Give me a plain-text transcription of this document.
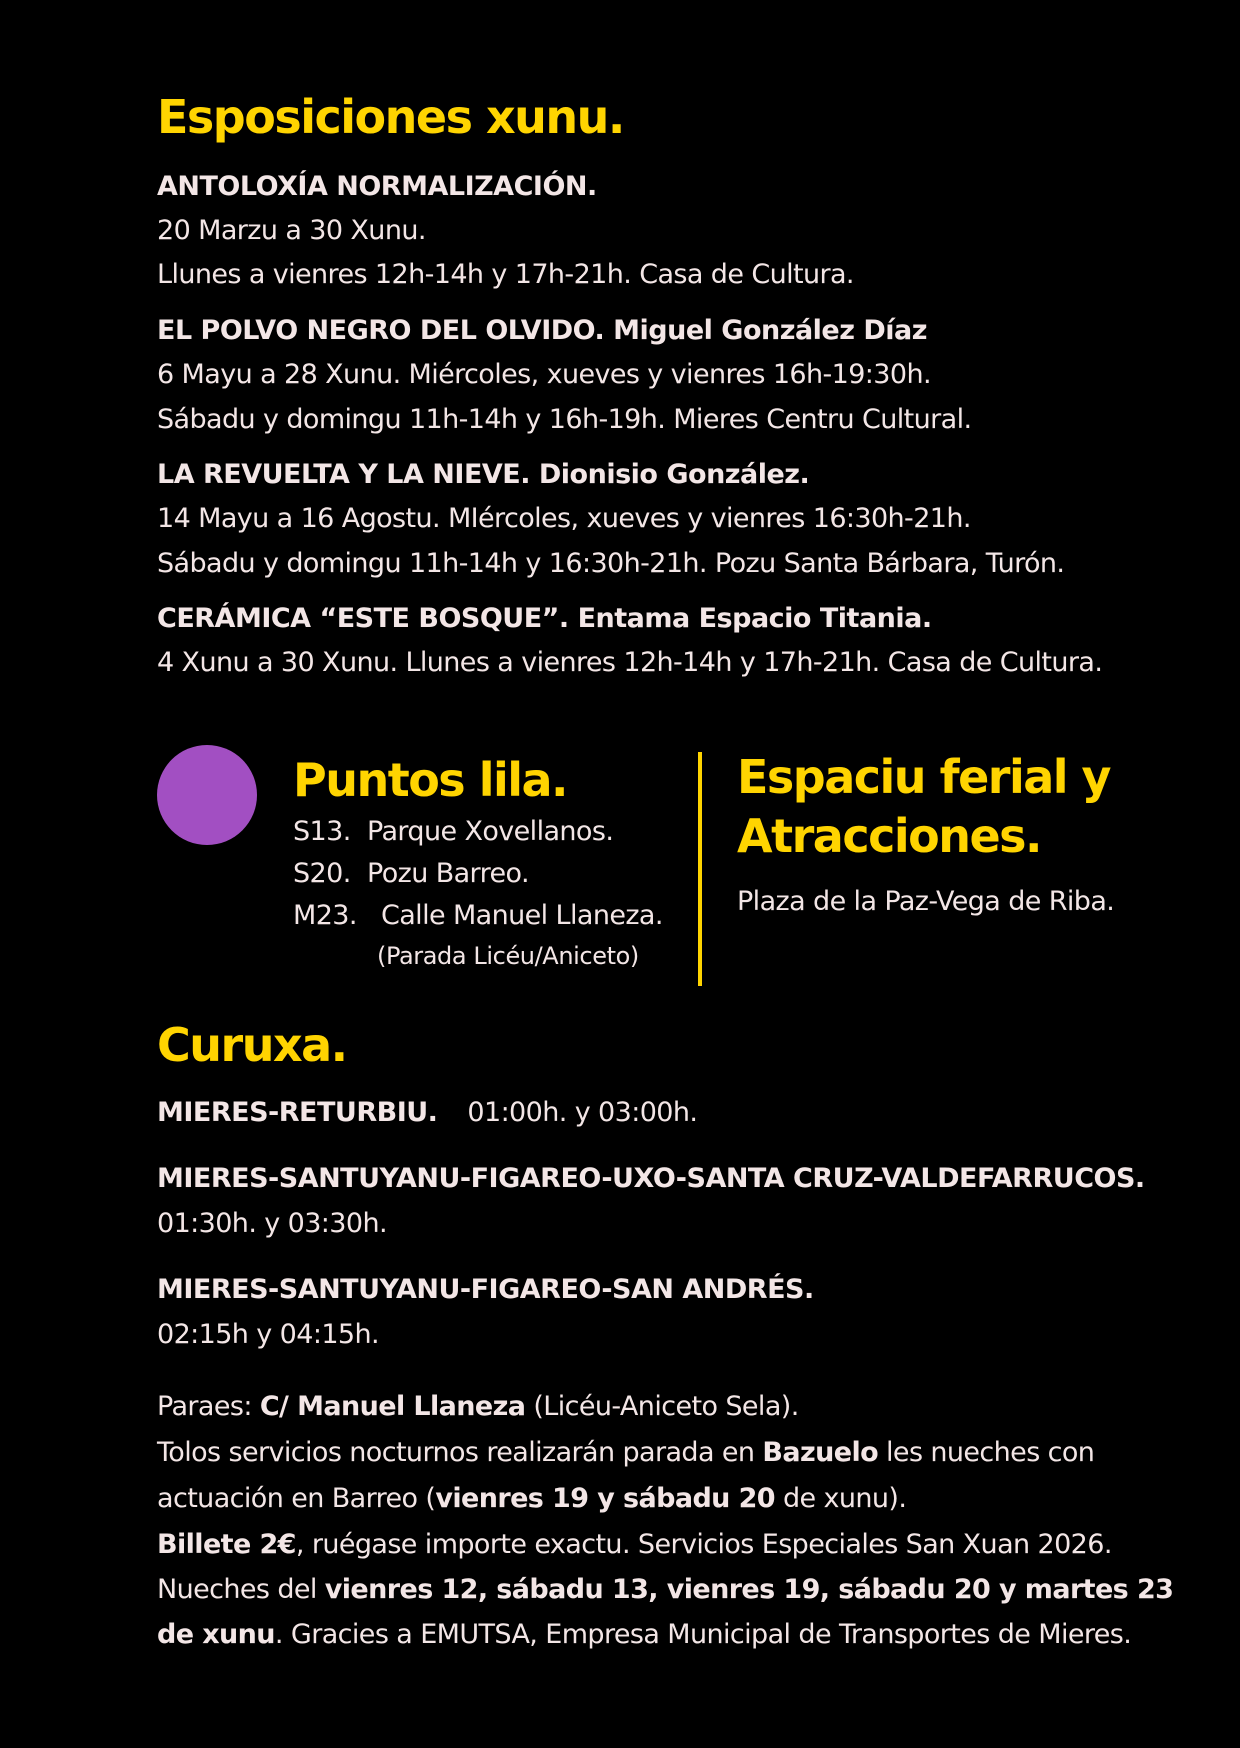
Esposiciones xunu.
ANTOLOXÍA NORMALIZACIÓN.
20 Marzu a 30 Xunu.
Llunes a vienres 12h-14h y 17h-21h. Casa de Cultura.
EL POLVO NEGRO DEL OLVIDO. Miguel González Díaz
6 Mayu a 28 Xunu. Miércoles, xueves y vienres 16h-19:30h.
Sábadu y domingu 11h-14h y 16h-19h. Mieres Centru Cultural.
LA REVUELTA Y LA NIEVE. Dionisio González.
14 Mayu a 16 Agostu. MIércoles, xueves y vienres 16:30h-21h.
Sábadu y domingu 11h-14h y 16:30h-21h. Pozu Santa Bárbara, Turón.
CERÁMICA “ESTE BOSQUE”. Entama Espacio Titania.
4 Xunu a 30 Xunu. Llunes a vienres 12h-14h y 17h-21h. Casa de Cultura.
Puntos lila.
S13. Parque Xovellanos.
S20. Pozu Barreo.
M23. Calle Manuel Llaneza.
(Parada Licéu/Aniceto)
Espaciu ferial y
Atracciones.
Plaza de la Paz-Vega de Riba.
Curuxa.
MIERES-RETURBIU. 01:00h. y 03:00h.
MIERES-SANTUYANU-FIGAREO-UXO-SANTA CRUZ-VALDEFARRUCOS.
01:30h. y 03:30h.
MIERES-SANTUYANU-FIGAREO-SAN ANDRÉS.
02:15h y 04:15h.
Paraes: C/ Manuel Llaneza (Licéu-Aniceto Sela).
Tolos servicios nocturnos realizarán parada en Bazuelo les nueches con
actuación en Barreo (vienres 19 y sábadu 20 de xunu).
Billete 2€, ruégase importe exactu. Servicios Especiales San Xuan 2026.
Nueches del vienres 12, sábadu 13, vienres 19, sábadu 20 y martes 23
de xunu. Gracies a EMUTSA, Empresa Municipal de Transportes de Mieres.
